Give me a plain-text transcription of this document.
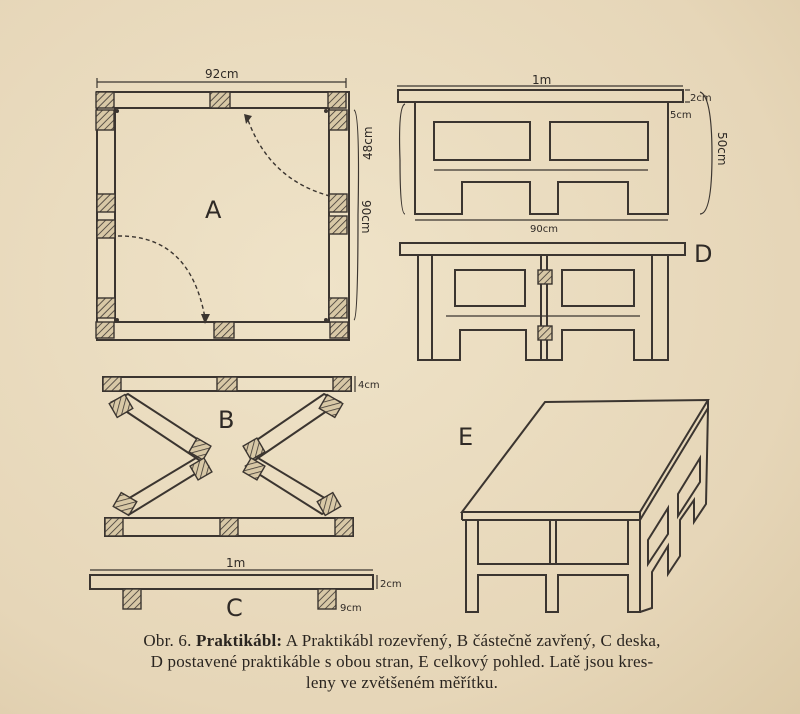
92cm
90cm
A
4cm
B
1m
2cm
9cm
C
1m
2cm
5cm
48cm	50cm
90cm
D
E
Obr. 6. Praktikábl: A Praktikábl rozevřený, B částečně zavřený, C deska,
D postavené praktikáble s obou stran, E celkový pohled. Latě jsou kres-
leny ve zvětšeném měřítku.
